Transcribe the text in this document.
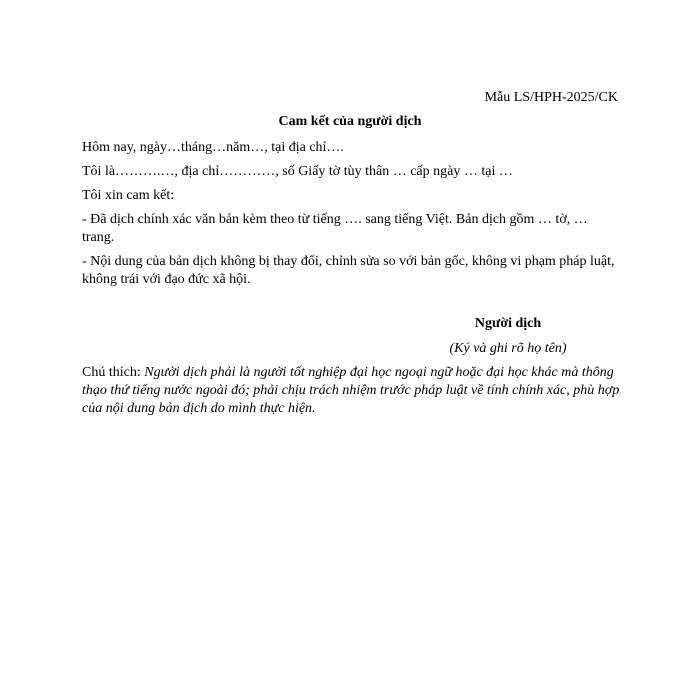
Mẫu LS/HPH-2025/CK
Cam kết của người dịch
Hôm nay, ngày…tháng…năm…, tại địa chỉ….
Tôi là……….…, địa chỉ…………, số Giấy tờ tùy thân … cấp ngày … tại …
Tôi xin cam kết:
- Đã dịch chính xác văn bản kèm theo từ tiếng …. sang tiếng Việt. Bản dịch gồm … tờ, … trang.
- Nội dung của bản dịch không bị thay đổi, chỉnh sửa so với bản gốc, không vi phạm pháp luật, không trái với đạo đức xã hội.
Người dịch
(Ký và ghi rõ họ tên)
Chú thích: Người dịch phải là người tốt nghiệp đại học ngoại ngữ hoặc đại học khác mà thông thạo thứ tiếng nước ngoài đó; phải chịu trách nhiệm trước pháp luật về tính chính xác, phù hợp của nội dung bản dịch do mình thực hiện.
